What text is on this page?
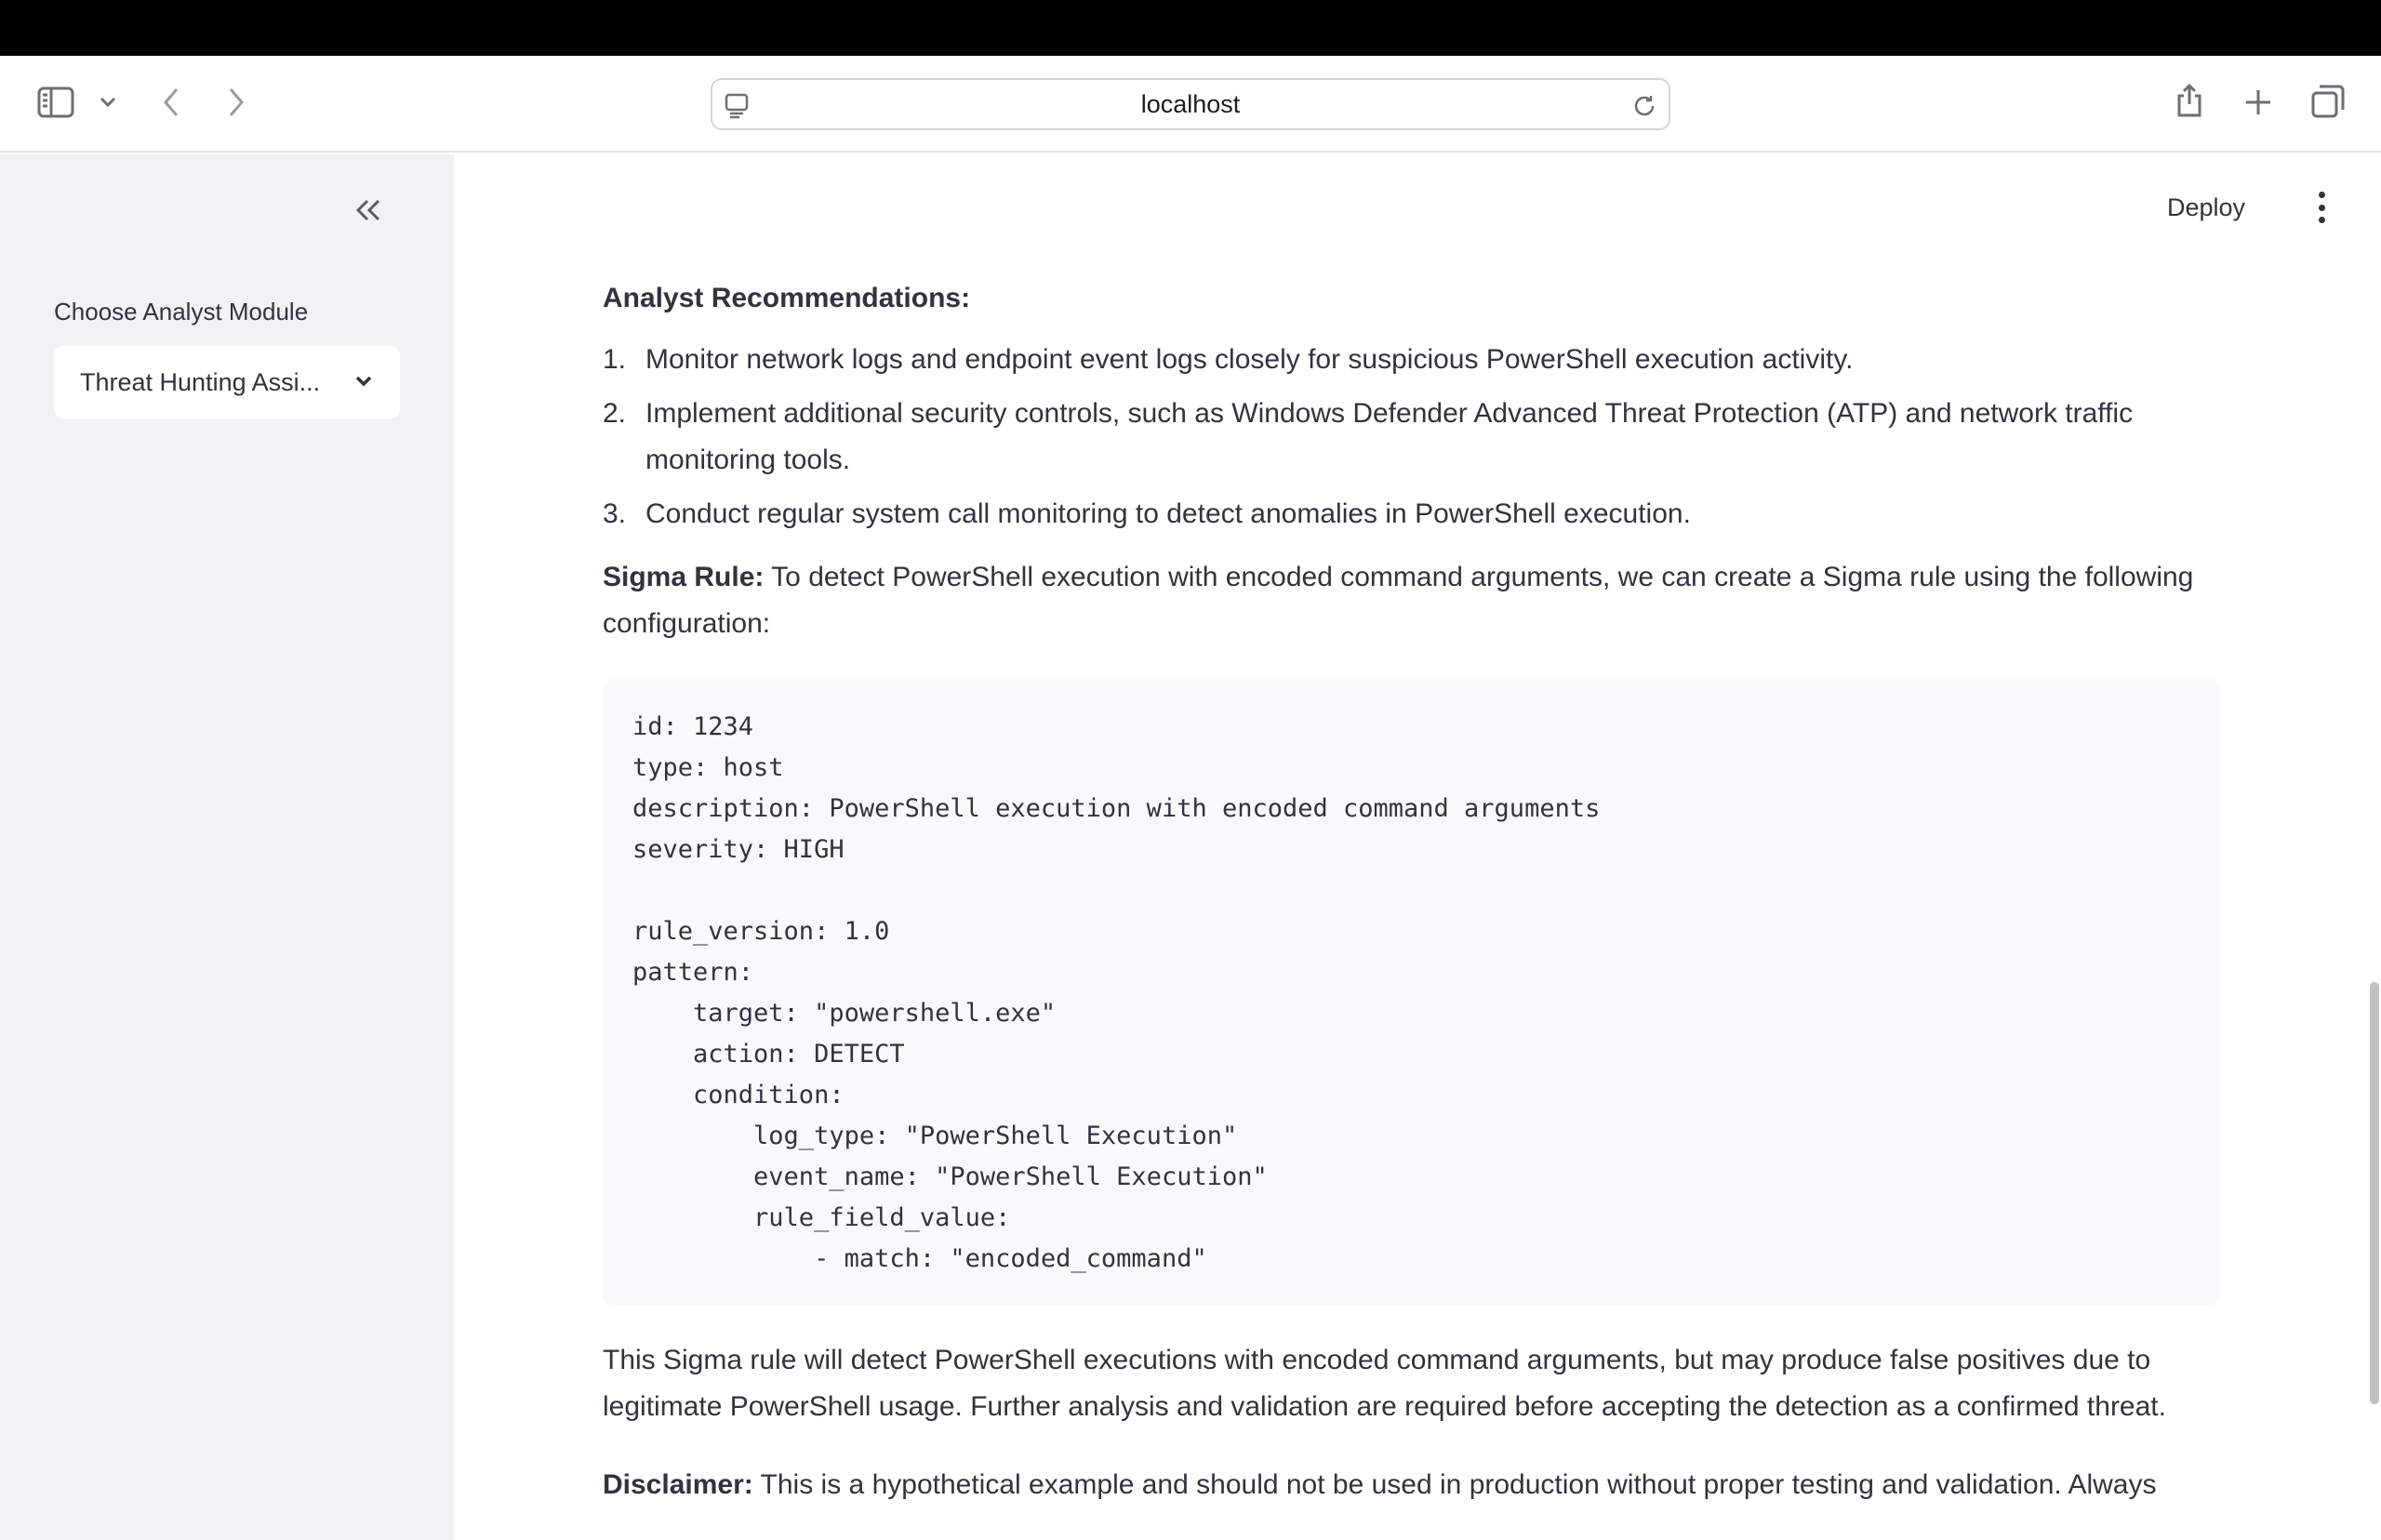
localhost
Choose Analyst Module
Threat Hunting Assi...
Deploy
Analyst Recommendations:
1. Monitor network logs and endpoint event logs closely for suspicious PowerShell execution activity.
2. Implement additional security controls, such as Windows Defender Advanced Threat Protection (ATP) and network traffic monitoring tools.
3. Conduct regular system call monitoring to detect anomalies in PowerShell execution.
Sigma Rule: To detect PowerShell execution with encoded command arguments, we can create a Sigma rule using the following configuration:
id: 1234
type: host
description: PowerShell execution with encoded command arguments
severity: HIGH
rule_version: 1.0
pattern:
target: "powershell.exe"
action: DETECT
condition:
log_type: "PowerShell Execution"
event_name: "PowerShell Execution"
rule_field_value:
- match: "encoded_command"
This Sigma rule will detect PowerShell executions with encoded command arguments, but may produce false positives due to legitimate PowerShell usage. Further analysis and validation are required before accepting the detection as a confirmed threat.
Disclaimer: This is a hypothetical example and should not be used in production without proper testing and validation. Always
